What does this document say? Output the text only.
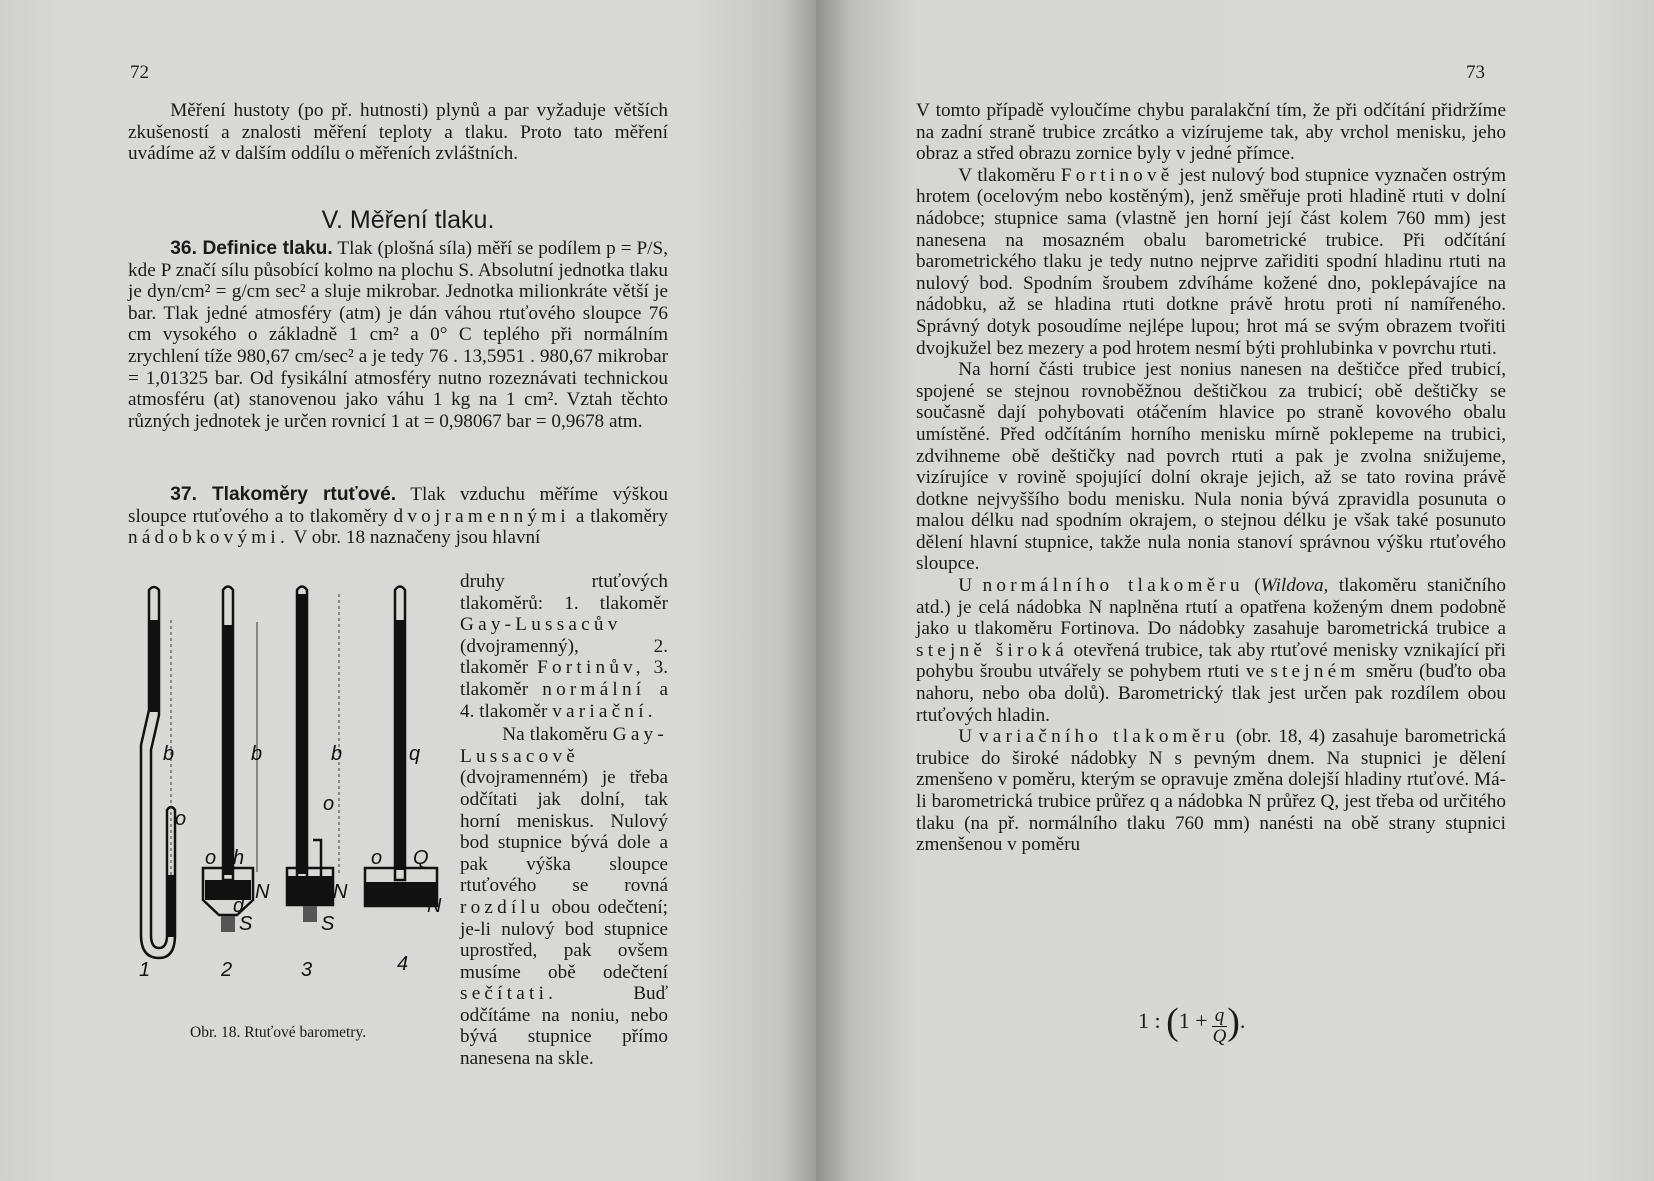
72

Měření hustoty (po př. hutnosti) plynů a par vyžaduje větších zkušeností a znalosti měření teploty a tlaku. Proto tato měření uvádíme až v dalším oddílu o měřeních zvláštních.

V. Měření tlaku.

36. Definice tlaku. Tlak (plošná síla) měří se podílem p = P/S, kde P značí sílu působící kolmo na plochu S. Absolutní jednotka tlaku je dyn/cm² = g/cm sec² a sluje mikrobar. Jednotka milionkráte větší je bar. Tlak jedné atmosféry (atm) je dán váhou rtuťového sloupce 76 cm vysokého o základně 1 cm² a 0° C teplého při normálním zrychlení tíže 980,67 cm/sec² a je tedy 76 . 13,5951 . 980,67 mikrobar = 1,01325 bar. Od fysikální atmosféry nutno rozeznávati technickou atmosféru (at) stanovenou jako váhu 1 kg na 1 cm². Vztah těchto různých jednotek je určen rovnicí 1 at = 0,98067 bar = 0,9678 atm.

37. Tlakoměry rtuťové. Tlak vzduchu měříme výškou sloupce rtuťového a to tlakoměry dvojramennými a tlakoměry nádobkovými. V obr. 18 naznačeny jsou hlavní

druhy rtuťových tlakoměrů: 1. tlakoměr Gay-Lussacův (dvojramenný), 2. tlakoměr Fortinův, 3. tlakoměr normální a 4. tlakoměr variační.

Na tlakoměru Gay-Lussacově (dvojramenném) je třeba odčítati jak dolní, tak horní meniskus. Nulový bod stupnice bývá dole a pak výška sloupce rtuťového se rovná rozdílu obou odečtení; je-li nulový bod stupnice uprostřed, pak ovšem musíme obě odečtení sečítati.	Buď odčítáme na noniu, nebo bývá stupnice přímo nanesena na skle.

b	b	b	q
o
o
o
o
h
N	N
N
Q
d
S	S
1	2	3	4
Obr. 18. Rtuťové barometry.
73

V tomto případě vyloučíme chybu paralakční tím, že při odčítání přidržíme na zadní straně trubice zrcátko a vizírujeme tak, aby vrchol menisku, jeho obraz a střed obrazu zornice byly v jedné přímce.

V tlakoměru Fortinově jest nulový bod stupnice vyznačen ostrým hrotem (ocelovým nebo kostěným), jenž směřuje proti hladině rtuti v dolní nádobce; stupnice sama (vlastně jen horní její část kolem 760 mm) jest nanesena na mosazném obalu barometrické trubice. Při odčítání barometrického tlaku je tedy nutno nejprve zařiditi spodní hladinu rtuti na nulový bod. Spodním šroubem zdvíháme kožené dno, poklepávajíce na nádobku, až se hladina rtuti dotkne právě hrotu proti ní namířeného. Správný dotyk posoudíme nejlépe lupou; hrot má se svým obrazem tvořiti dvojkužel bez mezery a pod hrotem nesmí býti prohlubinka v povrchu rtuti.

Na horní části trubice jest nonius nanesen na deštičce před trubicí, spojené se stejnou rovnoběžnou deštičkou za trubicí; obě deštičky se současně dají pohybovati otáčením hlavice po straně kovového obalu umístěné. Před odčítáním horního menisku mírně poklepeme na trubici, zdvihneme obě deštičky nad povrch rtuti a pak je zvolna snižujeme, vizírujíce v rovině spojující dolní okraje jejich, až se tato rovina právě dotkne nejvyššího bodu menisku. Nula nonia bývá zpravidla posunuta o malou délku nad spodním okrajem, o stejnou délku je však také posunuto dělení hlavní stupnice, takže nula nonia stanoví správnou výšku rtuťového sloupce.

U normálního tlakoměru (Wildova, tlakoměru staničního atd.) je celá nádobka N naplněna rtutí a opatřena koženým dnem podobně jako u tlakoměru Fortinova. Do nádobky zasahuje barometrická trubice a stejně široká otevřená trubice, tak aby rtuťové menisky vznikající při pohybu šroubu utvářely se pohybem rtuti ve stejném směru (buďto oba nahoru, nebo oba dolů). Barometrický tlak jest určen pak rozdílem obou rtuťových hladin.

U variačního tlakoměru (obr. 18, 4) zasahuje barometrická trubice do široké nádobky N s pevným dnem. Na stupnici je dělení zmenšeno v poměru, kterým se opravuje změna dolejší hladiny rtuťové. Má-li barometrická trubice průřez q a nádobka N průřez Q, jest třeba od určitého tlaku (na př. normálního tlaku 760 mm) nanésti na obě strany stupnici zmenšenou v poměru

1 : ($1 + \frac{q}{Q}$ ).
